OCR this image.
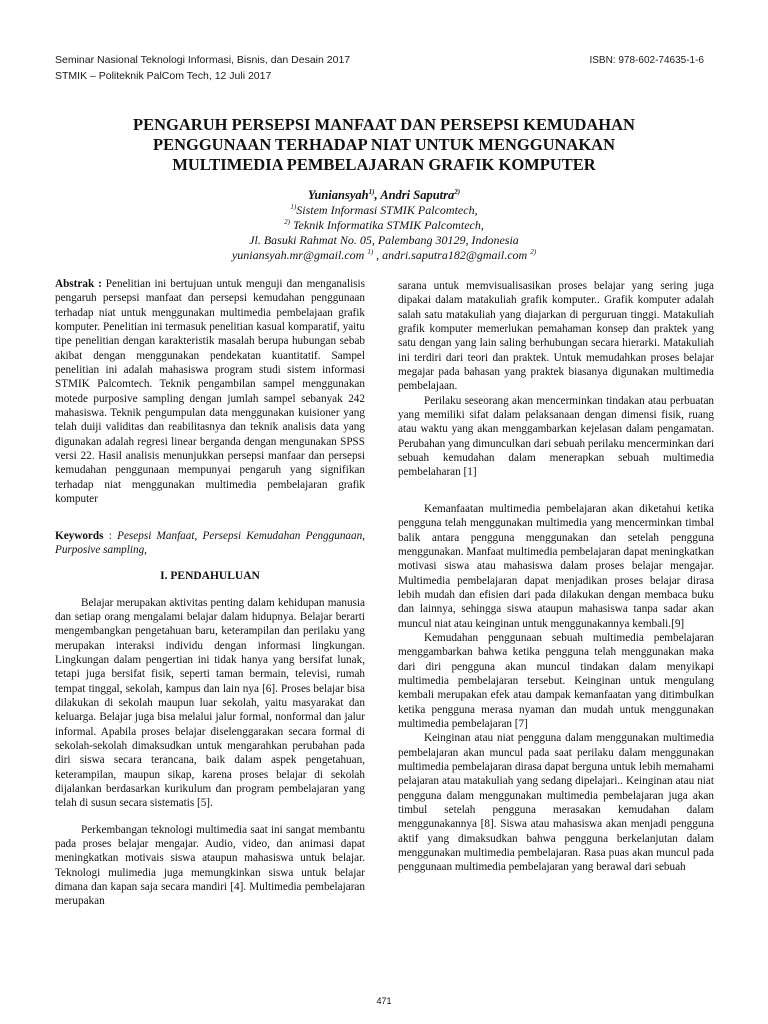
Seminar Nasional Teknologi Informasi, Bisnis, dan Desain 2017
STMIK – Politeknik PalCom Tech, 12 Juli 2017
ISBN: 978-602-74635-1-6
PENGARUH PERSEPSI MANFAAT DAN PERSEPSI KEMUDAHAN
PENGGUNAAN TERHADAP NIAT UNTUK MENGGUNAKAN
MULTIMEDIA PEMBELAJARAN GRAFIK KOMPUTER
Yuniansyah$^{1)}$, Andri Saputra$^{2)}$
$^{1)}$Sistem Informasi STMIK Palcomtech,
$^{2)}$ Teknik Informatika STMIK Palcomtech,
Jl. Basuki Rahmat No. 05, Palembang 30129, Indonesia
yuniansyah.mr@gmail.com $^{1)}$ , andri.saputra182@gmail.com $^{2)}$

Abstrak : Penelitian ini bertujuan untuk menguji dan menganalisis pengaruh persepsi manfaat dan persepsi kemudahan penggunaan terhadap niat untuk menggunakan multimedia pembelajaan grafik komputer. Penelitian ini termasuk penelitian kasual komparatif, yaitu tipe penelitian dengan karakteristik masalah berupa hubungan sebab akibat dengan menggunakan pendekatan kuantitatif. Sampel penelitian ini adalah mahasiswa program studi sistem informasi STMIK Palcomtech. Teknik pengambilan sampel menggunakan motede purposive sampling dengan jumlah sampel sebanyak 242 mahasiswa. Teknik pengumpulan data menggunakan kuisioner yang telah duiji validitas dan reabilitasnya dan teknik analisis data yang digunakan adalah regresi linear berganda dengan mengunakan SPSS versi 22. Hasil analisis menunjukkan persepsi manfaar dan persepsi kemudahan penggunaan mempunyai pengaruh yang signifikan terhadap niat menggunakan multimedia pembelajaran grafik komputer

Keywords : Pesepsi Manfaat, Persepsi Kemudahan Penggunaan, Purposive sampling,

I. PENDAHULUAN

Belajar merupakan aktivitas penting dalam kehidupan manusia dan setiap orang mengalami belajar dalam hidupnya. Belajar berarti mengembangkan pengetahuan baru, keterampilan dan perilaku yang merupakan interaksi individu dengan informasi lingkungan. Lingkungan dalam pengertian ini tidak hanya yang bersifat lunak, tetapi juga bersifat fisik, seperti taman bermain, televisi, rumah tempat tinggal, sekolah, kampus dan lain nya [6]. Proses belajar bisa dilakukan di sekolah maupun luar sekolah, yaitu masyarakat dan keluarga. Belajar juga bisa melalui jalur formal, nonformal dan jalur informal. Apabila proses belajar diselenggarakan secara formal di sekolah-sekolah dimaksudkan untuk mengarahkan perubahan pada diri siswa secara terancana, baik dalam aspek pengetahuan, keterampilan, maupun sikap, karena proses belajar di sekolah dijalankan berdasarkan kurikulum dan program pembelajaran yang telah di susun secara sistematis [5].

Perkembangan teknologi multimedia saat ini sangat membantu pada proses belajar mengajar. Audio, video, dan animasi dapat meningkatkan motivais siswa ataupun mahasiswa untuk belajar. Teknologi mulimedia juga memungkinkan siswa untuk belajar dimana dan kapan saja secara mandiri [4]. Multimedia pembelajaran merupakan

sarana untuk memvisualisasikan proses belajar yang sering juga dipakai dalam matakuliah grafik komputer.. Grafik komputer adalah salah satu matakuliah yang diajarkan di perguruan tinggi. Matakuliah grafik komputer memerlukan pemahaman konsep dan praktek yang satu dengan yang lain saling berhubungan secara hierarki. Matakuliah ini terdiri dari teori dan praktek. Untuk memudahkan proses belajar megajar pada bahasan yang praktek biasanya digunakan multimedia pembelajaan.

Perilaku seseorang akan mencerminkan tindakan atau perbuatan yang memiliki sifat dalam pelaksanaan dengan dimensi fisik, ruang atau waktu yang akan menggambarkan kejelasan dalam pengamatan. Perubahan yang dimunculkan dari sebuah perilaku mencerminkan dari sebuah kemudahan dalam menerapkan sebuah multimedia pembelaharan [1]

Kemanfaatan multimedia pembelajaran akan diketahui ketika pengguna telah menggunakan multimedia yang mencerminkan timbal balik antara pengguna menggunakan dan setelah pengguna menggunakan. Manfaat multimedia pembelajaran dapat meningkatkan motivasi siswa atau mahasiswa dalam proses belajar mengajar. Multimedia pembelajaran dapat menjadikan proses belajar dirasa lebih mudah dan efisien dari pada dilakukan dengan membaca buku dan lainnya, sehingga siswa ataupun mahasiswa tanpa sadar akan muncul niat atau keinginan untuk menggunakannya kembali.[9]

Kemudahan penggunaan sebuah multimedia pembelajaran menggambarkan bahwa ketika pengguna telah menggunakan maka dari diri pengguna akan muncul tindakan dalam menyikapi multimedia pembelajaran tersebut. Keinginan untuk mengulang kembali merupakan efek atau dampak kemanfaatan yang ditimbulkan ketika pengguna merasa nyaman dan mudah untuk menggunakan multimedia pembelajaran [7]

Keinginan atau niat pengguna dalam menggunakan multimedia pembelajaran akan muncul pada saat perilaku dalam menggunakan multimedia pembelajaran dirasa dapat berguna untuk lebih memahami pelajaran atau matakuliah yang sedang dipelajari.. Keinginan atau niat pengguna dalam menggunakan multimedia pembelajaran juga akan timbul setelah pengguna merasakan kemudahan dalam menggunakannya [8]. Siswa atau mahasiswa akan menjadi pengguna aktif yang dimaksudkan bahwa pengguna berkelanjutan dalam menggunakan multimedia pembelajaran. Rasa puas akan muncul pada penggunaan multimedia pembelajaran yang berawal dari sebuah

471
